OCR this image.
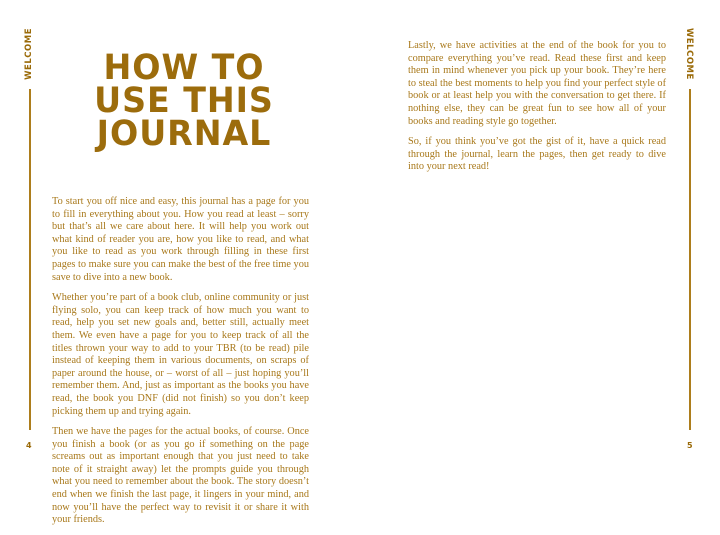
WELCOME
4
HOW TO
USE THIS
JOURNAL

To start you off nice and easy, this journal has a page for you to fill in everything about you. How you read at least – sorry but that’s all we care about here. It will help you work out what kind of reader you are, how you like to read, and what you like to read as you work through filling in these first pages to make sure you can make the best of the free time you save to dive into a new book.

Whether you’re part of a book club, online community or just flying solo, you can keep track of how much you want to read, help you set new goals and, better still, actually meet them. We even have a page for you to keep track of all the titles thrown your way to add to your TBR (to be read) pile instead of keeping them in various documents, on scraps of paper around the house, or – worst of all – just hoping you’ll remember them. And, just as important as the books you have read, the book you DNF (did not finish) so you don’t keep picking them up and trying again.

Then we have the pages for the actual books, of course. Once you finish a book (or as you go if something on the page screams out as important enough that you just need to take note of it straight away) let the prompts guide you through what you need to remember about the book. The story doesn’t end when we finish the last page, it lingers in your mind, and now you’ll have the perfect way to revisit it or share it with your friends.

Lastly, we have activities at the end of the book for you to compare everything you’ve read. Read these first and keep them in mind whenever you pick up your book. They’re here to steal the best moments to help you find your perfect style of book or at least help you with the conversation to get there. If nothing else, they can be great fun to see how all of your books and reading style go together.

So, if you think you’ve got the gist of it, have a quick read through the journal, learn the pages, then get ready to dive into your next read!

WELCOME
5
